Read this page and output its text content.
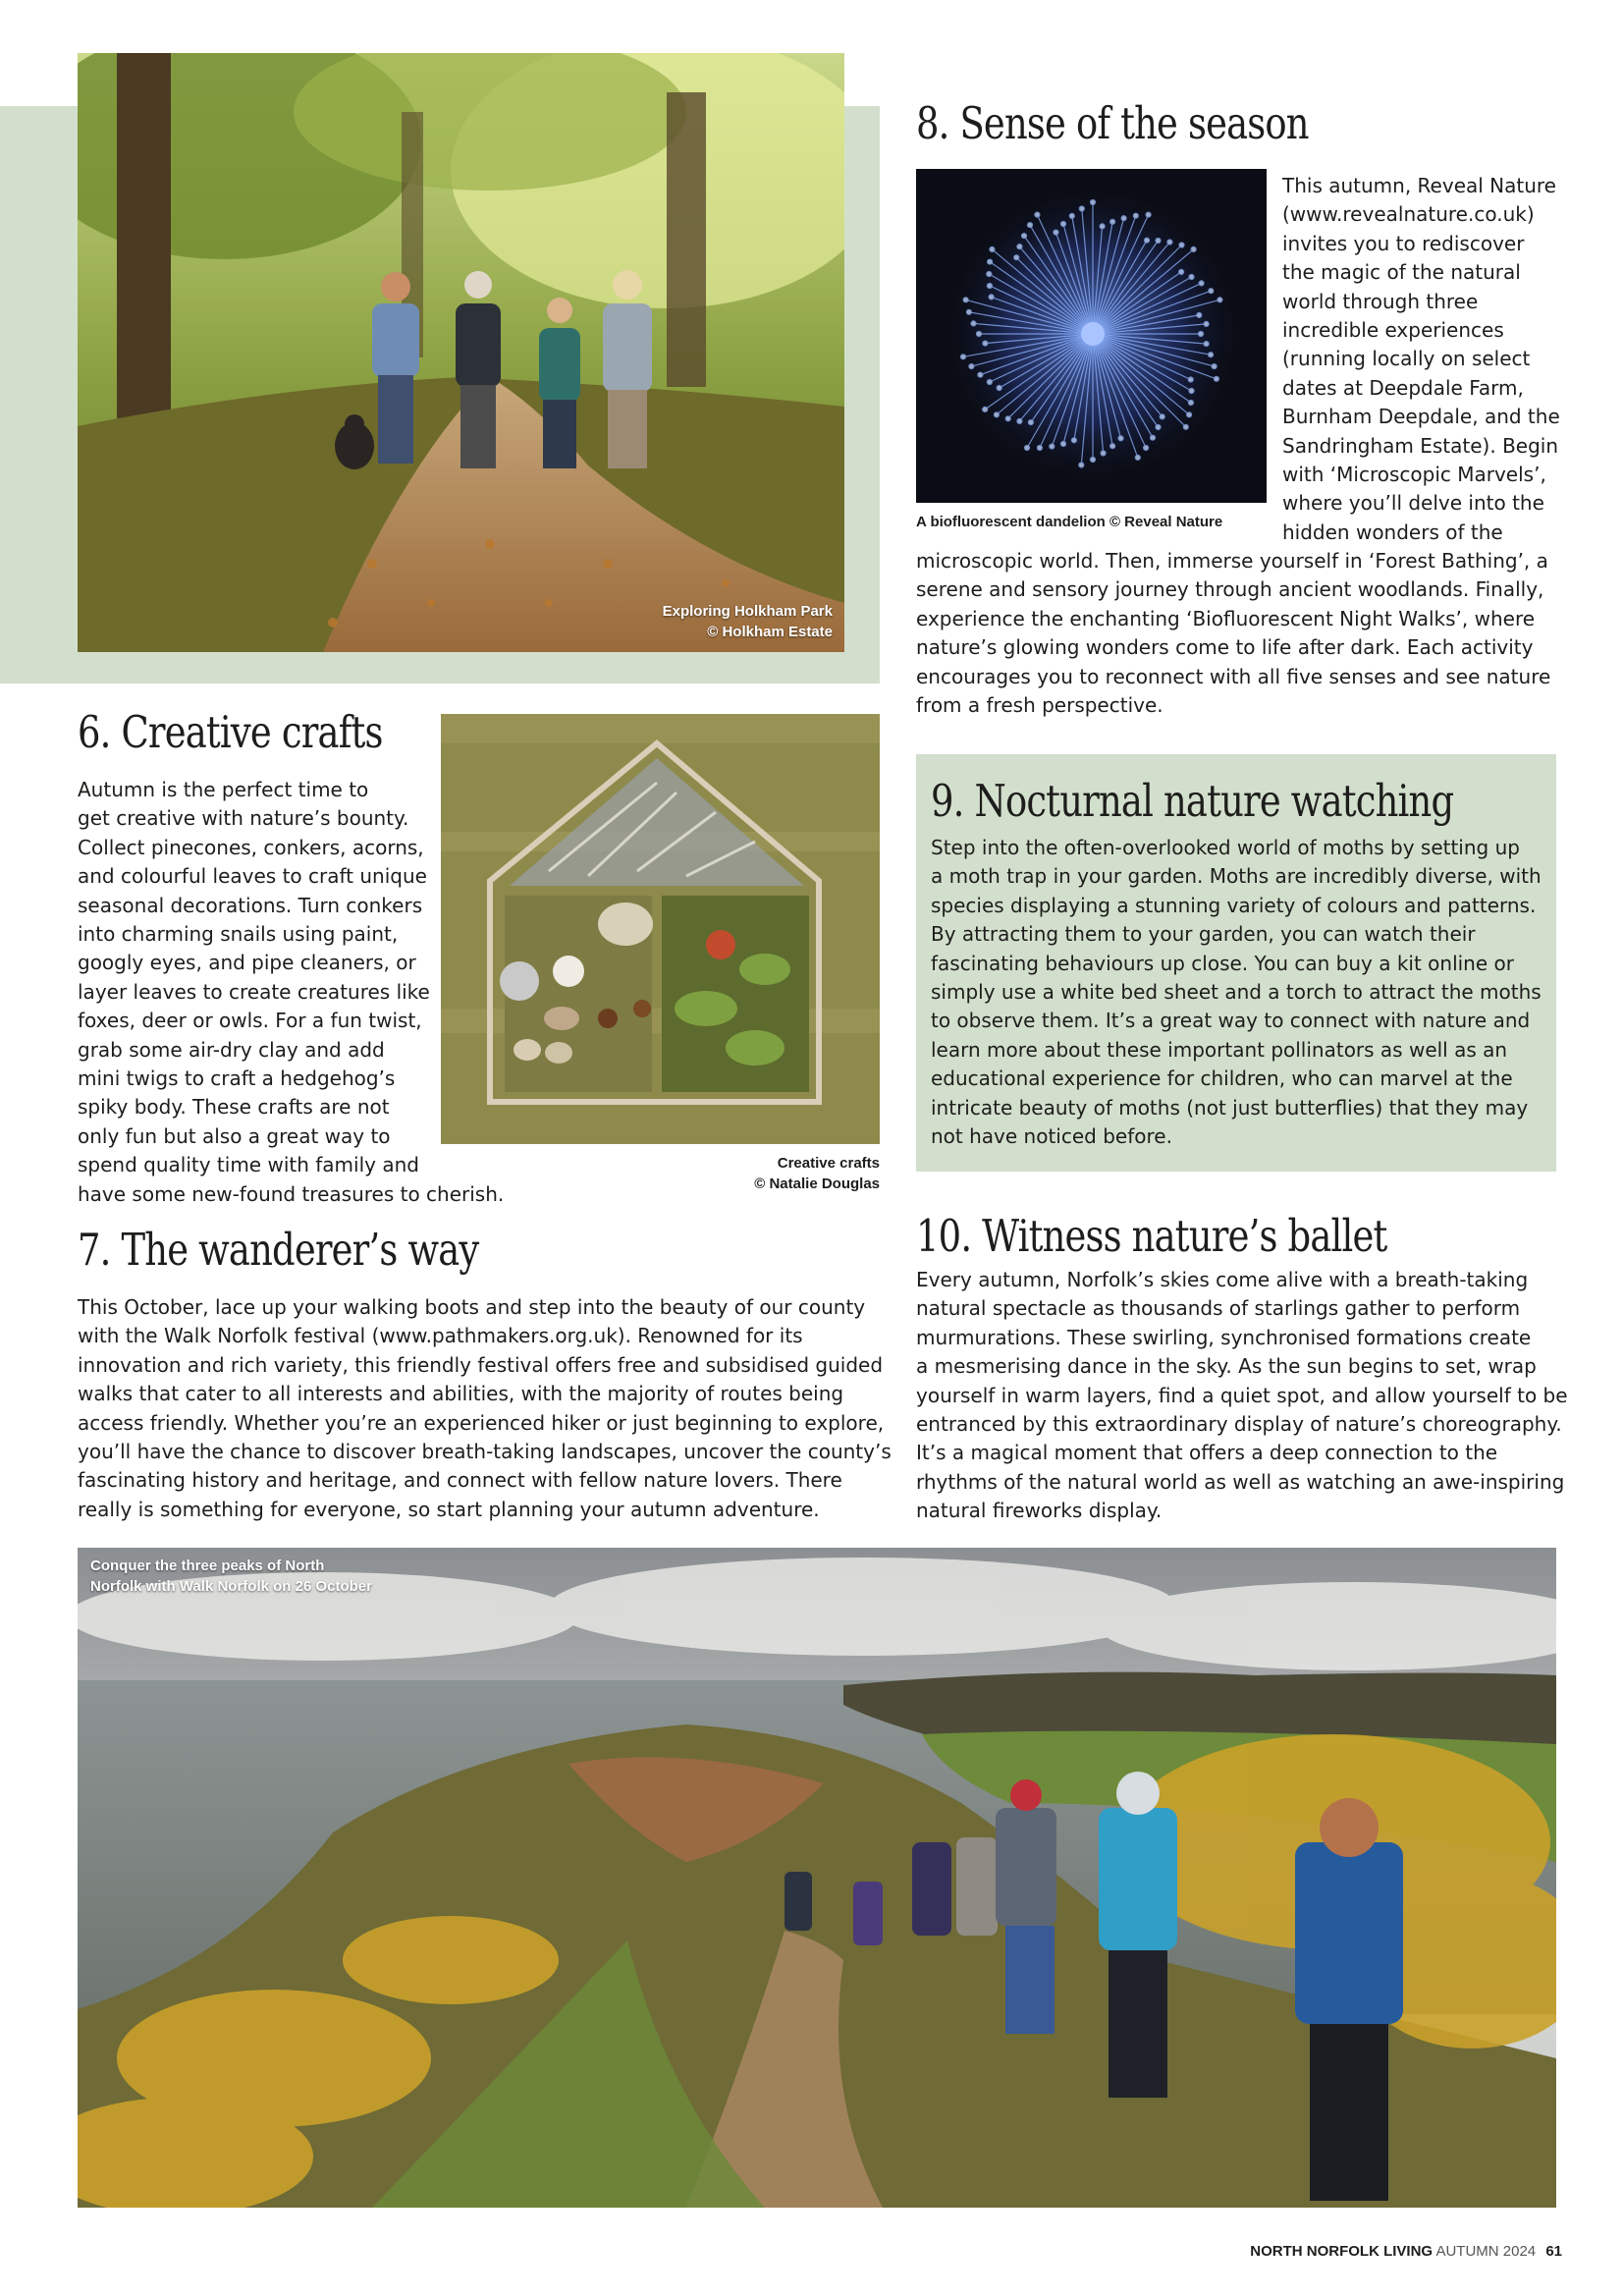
Exploring Holkham Park
© Holkham Estate
8. Sense of the season
A biofluorescent dandelion © Reveal Nature
This autumn, Reveal Nature
(www.revealnature.co.uk)
invites you to rediscover
the magic of the natural
world through three
incredible experiences
(running locally on select
dates at Deepdale Farm,
Burnham Deepdale, and the
Sandringham Estate). Begin
with ‘Microscopic Marvels’,
where you’ll delve into the
hidden wonders of the
microscopic world. Then, immerse yourself in ‘Forest Bathing’, a
serene and sensory journey through ancient woodlands. Finally,
experience the enchanting ‘Biofluorescent Night Walks’, where
nature’s glowing wonders come to life after dark. Each activity
encourages you to reconnect with all five senses and see nature
from a fresh perspective.
6. Creative crafts
Creative crafts
© Natalie Douglas
Autumn is the perfect time to
get creative with nature’s bounty.
Collect pinecones, conkers, acorns,
and colourful leaves to craft unique
seasonal decorations. Turn conkers
into charming snails using paint,
googly eyes, and pipe cleaners, or
layer leaves to create creatures like
foxes, deer or owls. For a fun twist,
grab some air-dry clay and add
mini twigs to craft a hedgehog’s
spiky body. These crafts are not
only fun but also a great way to
spend quality time with family and
have some new-found treasures to cherish.
9. Nocturnal nature watching
Step into the often-overlooked world of moths by setting up
a moth trap in your garden. Moths are incredibly diverse, with
species displaying a stunning variety of colours and patterns.
By attracting them to your garden, you can watch their
fascinating behaviours up close. You can buy a kit online or
simply use a white bed sheet and a torch to attract the moths
to observe them. It’s a great way to connect with nature and
learn more about these important pollinators as well as an
educational experience for children, who can marvel at the
intricate beauty of moths (not just butterflies) that they may
not have noticed before.
7. The wanderer’s way
This October, lace up your walking boots and step into the beauty of our county
with the Walk Norfolk festival (www.pathmakers.org.uk). Renowned for its
innovation and rich variety, this friendly festival offers free and subsidised guided
walks that cater to all interests and abilities, with the majority of routes being
access friendly. Whether you’re an experienced hiker or just beginning to explore,
you’ll have the chance to discover breath-taking landscapes, uncover the county’s
fascinating history and heritage, and connect with fellow nature lovers. There
really is something for everyone, so start planning your autumn adventure.
10. Witness nature’s ballet
Every autumn, Norfolk’s skies come alive with a breath-taking
natural spectacle as thousands of starlings gather to perform
murmurations. These swirling, synchronised formations create
a mesmerising dance in the sky. As the sun begins to set, wrap
yourself in warm layers, find a quiet spot, and allow yourself to be
entranced by this extraordinary display of nature’s choreography.
It’s a magical moment that offers a deep connection to the
rhythms of the natural world as well as watching an awe-inspiring
natural fireworks display.
Conquer the three peaks of North
Norfolk with Walk Norfolk on 26 October
NORTH NORFOLK LIVING AUTUMN 2024 61
